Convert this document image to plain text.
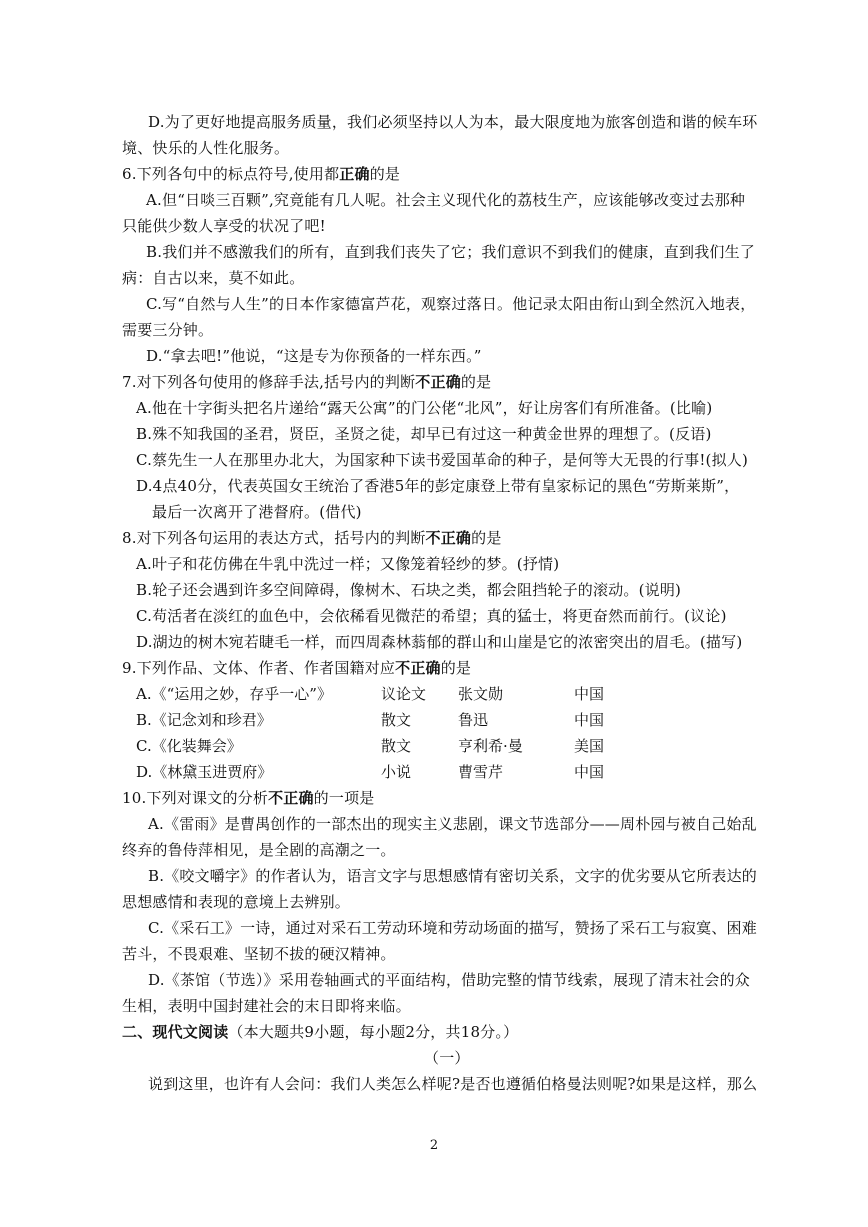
D.为了更好地提高服务质量，我们必须坚持以人为本，最大限度地为旅客创造和谐的候车环
境、快乐的人性化服务。
6.下列各句中的标点符号,使用都正确的是
A.但“日啖三百颗”,究竟能有几人呢。社会主义现代化的荔枝生产，应该能够改变过去那种
只能供少数人享受的状况了吧!
B.我们并不感激我们的所有，直到我们丧失了它；我们意识不到我们的健康，直到我们生了
病：自古以来，莫不如此。
C.写“自然与人生”的日本作家德富芦花，观察过落日。他记录太阳由衔山到全然沉入地表，
需要三分钟。
D.“拿去吧!”他说，“这是专为你预备的一样东西。”
7.对下列各句使用的修辞手法,括号内的判断不正确的是
A.他在十字街头把名片递给“露天公寓”的门公佬“北风”，好让房客们有所准备。(比喻)
B.殊不知我国的圣君，贤臣，圣贤之徒，却早已有过这一种黄金世界的理想了。(反语)
C.蔡先生一人在那里办北大，为国家种下读书爱国革命的种子，是何等大无畏的行事!(拟人)
D.4点40分，代表英国女王统治了香港5年的彭定康登上带有皇家标记的黑色“劳斯莱斯”，
最后一次离开了港督府。(借代)
8.对下列各句运用的表达方式，括号内的判断不正确的是
A.叶子和花仿佛在牛乳中洗过一样；又像笼着轻纱的梦。(抒情)
B.轮子还会遇到许多空间障碍，像树木、石块之类，都会阻挡轮子的滚动。(说明)
C.苟活者在淡红的血色中，会依稀看见微茫的希望；真的猛士，将更奋然而前行。(议论)
D.湖边的树木宛若睫毛一样，而四周森林蓊郁的群山和山崖是它的浓密突出的眉毛。(描写)
9.下列作品、文体、作者、作者国籍对应不正确的是
10.下列对课文的分析不正确的一项是
A.《雷雨》是曹禺创作的一部杰出的现实主义悲剧，课文节选部分——周朴园与被自己始乱
终弃的鲁侍萍相见，是全剧的高潮之一。
B.《咬文嚼字》的作者认为，语言文字与思想感情有密切关系，文字的优劣要从它所表达的
思想感情和表现的意境上去辨别。
C.《采石工》一诗，通过对采石工劳动环境和劳动场面的描写，赞扬了采石工与寂寞、困难
苦斗，不畏艰难、坚韧不拔的硬汉精神。
D.《茶馆（节选）》采用卷轴画式的平面结构，借助完整的情节线索，展现了清末社会的众
生相，表明中国封建社会的末日即将来临。
二、现代文阅读（本大题共9小题，每小题2分，共18分。）
（一）
说到这里，也许有人会问：我们人类怎么样呢?是否也遵循伯格曼法则呢?如果是这样，那么
A.《“运用之妙，存乎一心”》	议论文 张文勋	中国
B.《记念刘和珍君》	散文	鲁迅	中国
C.《化装舞会》	散文	亨利希·曼	美国
D.《林黛玉进贾府》	小说	曹雪芹	中国
2
